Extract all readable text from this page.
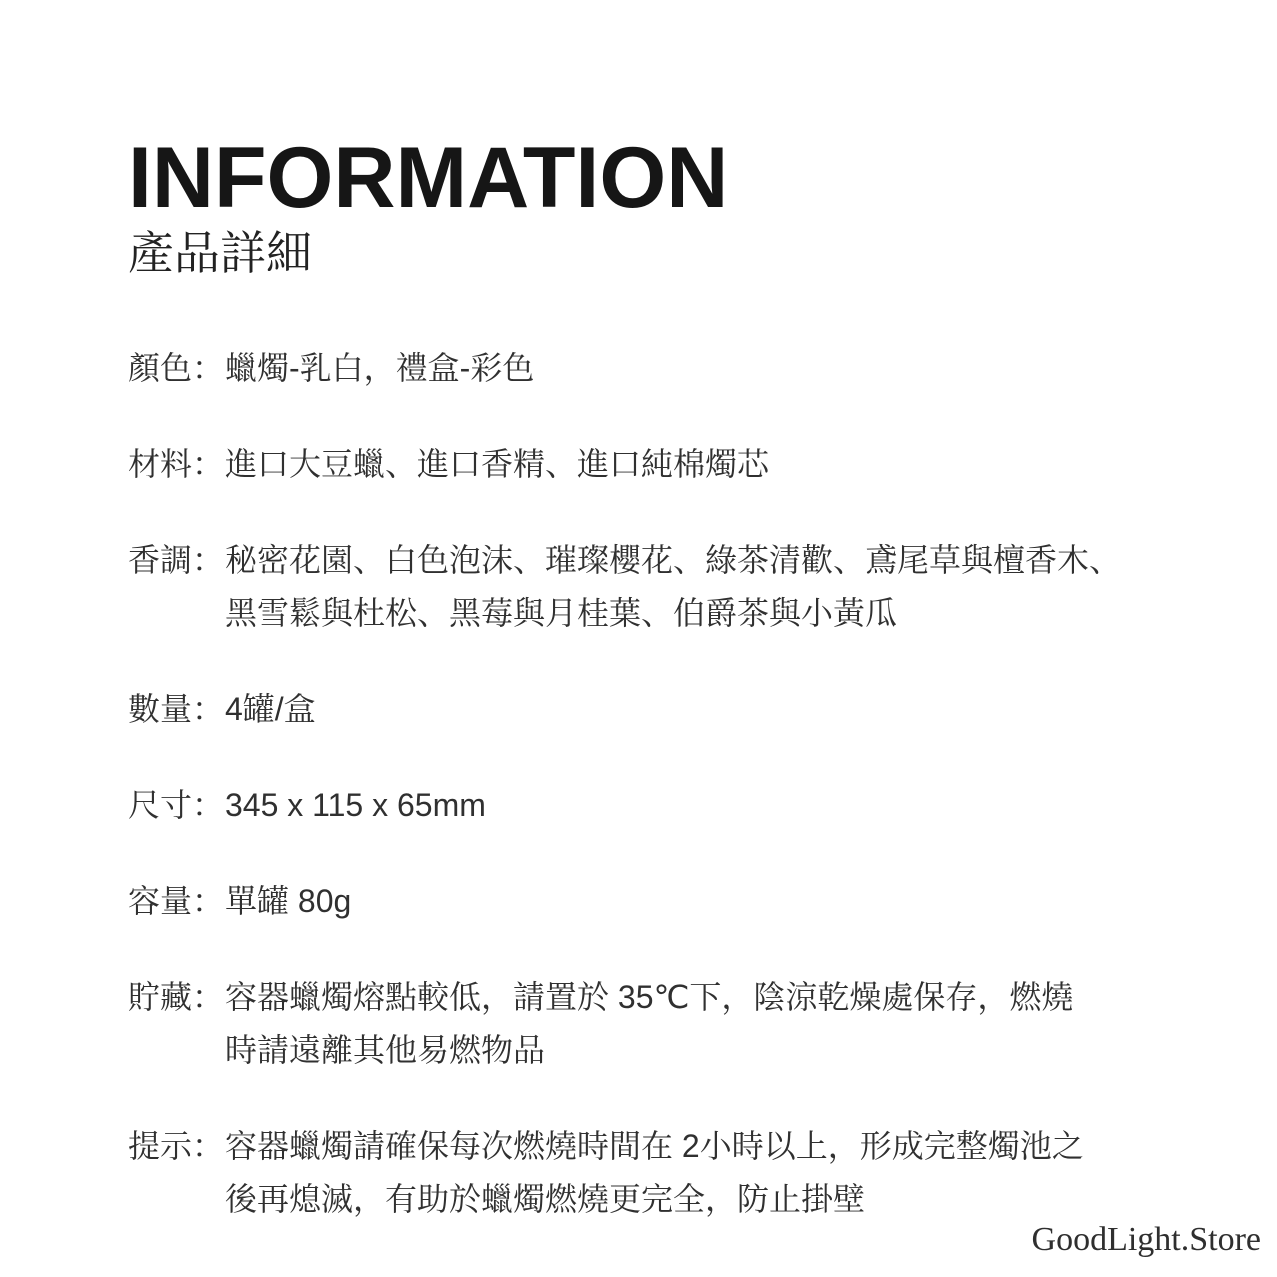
INFORMATION
產品詳細
顏色： 蠟燭-乳白，禮盒-彩色
材料： 進口大豆蠟、進口香精、進口純棉燭芯
香調： 秘密花園、白色泡沫、璀璨櫻花、綠茶清歡、鳶尾草與檀香木、
黑雪鬆與杜松、黑莓與月桂葉、伯爵茶與小黃瓜
數量： 4罐/盒
尺寸： 345 x 115 x 65mm
容量： 單罐 80g
貯藏： 容器蠟燭熔點較低，請置於 35℃下，陰涼乾燥處保存，燃燒
時請遠離其他易燃物品
提示： 容器蠟燭請確保每次燃燒時間在 2小時以上，形成完整燭池之
後再熄滅，有助於蠟燭燃燒更完全，防止掛壁
GoodLight.Store
